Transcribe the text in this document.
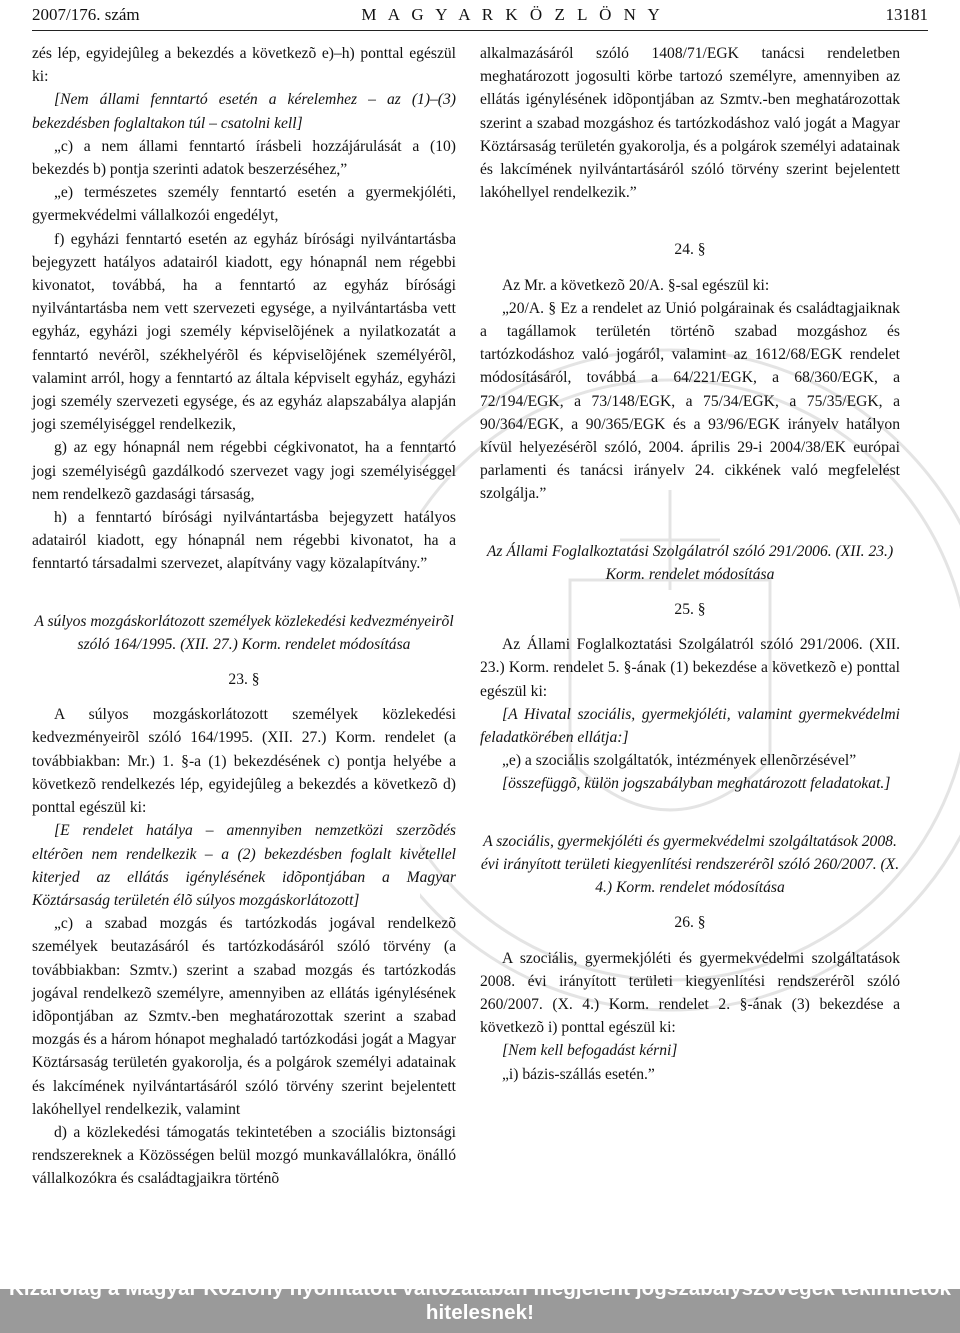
2007/176. szám	M A G Y A R K Ö Z L Ö N Y	13181

zés lép, egyidejûleg a bekezdés a következõ e)–h) ponttal egészül ki:

[Nem állami fenntartó esetén a kérelemhez – az (1)–(3) bekezdésben foglaltakon túl – csatolni kell]

„c) a nem állami fenntartó írásbeli hozzájárulását a (10) bekezdés b) pontja szerinti adatok beszerzéséhez,”

„e) természetes személy fenntartó esetén a gyermekjóléti, gyermekvédelmi vállalkozói engedélyt,

f) egyházi fenntartó esetén az egyház bírósági nyilvántartásba bejegyzett hatályos adatairól kiadott, egy hónapnál nem régebbi kivonatot, továbbá, ha a fenntartó az egyház bírósági nyilvántartásba nem vett szervezeti egysége, a nyilvántartásba vett egyház, egyházi jogi személy képviselõjének a nyilatkozatát a fenntartó nevérõl, székhelyérõl és képviselõjének személyérõl, valamint arról, hogy a fenntartó az általa képviselt egyház, egyházi jogi személy szervezeti egysége, és az egyház alapszabálya alapján jogi személyiséggel rendelkezik,

g) az egy hónapnál nem régebbi cégkivonatot, ha a fenntartó jogi személyiségû gazdálkodó szervezet vagy jogi személyiséggel nem rendelkezõ gazdasági társaság,

h) a fenntartó bírósági nyilvántartásba bejegyzett hatályos adatairól kiadott, egy hónapnál nem régebbi kivonatot, ha a fenntartó társadalmi szervezet, alapítvány vagy közalapítvány.”

A súlyos mozgáskorlátozott személyek közlekedési kedvezményeirõl szóló 164/1995. (XII. 27.) Korm. rendelet módosítása

23. §

A súlyos mozgáskorlátozott személyek közlekedési kedvezményeirõl szóló 164/1995. (XII. 27.) Korm. rendelet (a továbbiakban: Mr.) 1. §-a (1) bekezdésének c) pontja helyébe a következõ rendelkezés lép, egyidejûleg a bekezdés a következõ d) ponttal egészül ki:

[E rendelet hatálya – amennyiben nemzetközi szerzõdés eltérõen nem rendelkezik – a (2) bekezdésben foglalt kivétellel kiterjed az ellátás igénylésének idõpontjában a Magyar Köztársaság területén élõ súlyos mozgáskorlátozott]

„c) a szabad mozgás és tartózkodás jogával rendelkezõ személyek beutazásáról és tartózkodásáról szóló törvény (a továbbiakban: Szmtv.) szerint a szabad mozgás és tartózkodás jogával rendelkezõ személyre, amennyiben az ellátás igénylésének idõpontjában az Szmtv.-ben meghatározottak szerint a szabad mozgás és a három hónapot meghaladó tartózkodási jogát a Magyar Köztársaság területén gyakorolja, és a polgárok személyi adatainak és lakcímének nyilvántartásáról szóló törvény szerint bejelentett lakóhellyel rendelkezik, valamint

d) a közlekedési támogatás tekintetében a szociális biztonsági rendszereknek a Közösségen belül mozgó munkavállalókra, önálló vállalkozókra és családtagjaikra történõ

alkalmazásáról szóló 1408/71/EGK tanácsi rendeletben meghatározott jogosulti körbe tartozó személyre, amennyiben az ellátás igénylésének idõpontjában az Szmtv.-ben meghatározottak szerint a szabad mozgáshoz és tartózkodáshoz való jogát a Magyar Köztársaság területén gyakorolja, és a polgárok személyi adatainak és lakcímének nyilvántartásáról szóló törvény szerint bejelentett lakóhellyel rendelkezik.”

24. §

Az Mr. a következõ 20/A. §-sal egészül ki:

„20/A. § Ez a rendelet az Unió polgárainak és családtagjaiknak a tagállamok területén történõ szabad mozgáshoz és tartózkodáshoz való jogáról, valamint az 1612/68/EGK rendelet módosításáról, továbbá a 64/221/EGK, a 68/360/EGK, a 72/194/EGK, a 73/148/EGK, a 75/34/EGK, a 75/35/EGK, a 90/364/EGK, a 90/365/EGK és a 93/96/EGK irányelv hatályon kívül helyezésérõl szóló, 2004. április 29-i 2004/38/EK európai parlamenti és tanácsi irányelv 24. cikkének való megfelelést szolgálja.”

Az Állami Foglalkoztatási Szolgálatról szóló 291/2006. (XII. 23.) Korm. rendelet módosítása

25. §

Az Állami Foglalkoztatási Szolgálatról szóló 291/2006. (XII. 23.) Korm. rendelet 5. §-ának (1) bekezdése a következõ e) ponttal egészül ki:

[A Hivatal szociális, gyermekjóléti, valamint gyermekvédelmi feladatkörében ellátja:]

„e) a szociális szolgáltatók, intézmények ellenõrzésével”

[összefüggõ, külön jogszabályban meghatározott feladatokat.]

A szociális, gyermekjóléti és gyermekvédelmi szolgáltatások 2008. évi irányított területi kiegyenlítési rendszerérõl szóló 260/2007. (X. 4.) Korm. rendelet módosítása

26. §

A szociális, gyermekjóléti és gyermekvédelmi szolgáltatások 2008. évi irányított területi kiegyenlítési rendszerérõl szóló 260/2007. (X. 4.) Korm. rendelet 2. §-ának (3) bekezdése a következõ i) ponttal egészül ki:

[Nem kell befogadást kérni]

„i) bázis-szállás esetén.”

Kizárólag a Magyar Közlöny nyomtatott változatában megjelent jogszabályszövegek tekinthetõk hitelesnek!
